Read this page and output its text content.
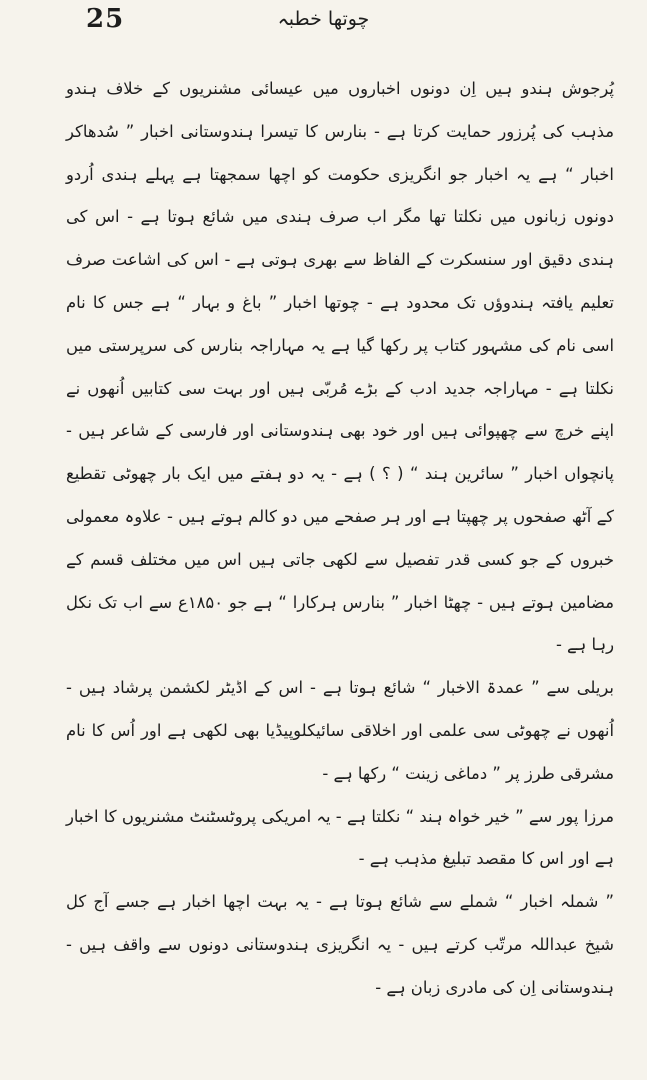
25	چوتھا خطبہ

پُرجوش ہندو ہیں اِن دونوں اخباروں میں عیسائی مشنریوں کے خلاف ہندو مذہب کی پُرزور حمایت کرتا ہے - بنارس کا تیسرا ہندوستانی اخبار ” سُدھاکر اخبار “ ہے یہ اخبار جو انگریزی حکومت کو اچھا سمجھتا ہے پہلے ہندی اُردو دونوں زبانوں میں نکلتا تھا مگر اب صرف ہندی میں شائع ہوتا ہے - اس کی ہندی دقیق اور سنسکرت کے الفاظ سے بھری ہوتی ہے - اس کی اشاعت صرف تعلیم یافتہ ہندوؤں تک محدود ہے - چوتھا اخبار ” باغ و بہار “ ہے جس کا نام اسی نام کی مشہور کتاب پر رکھا گیا ہے یہ مہاراجہ بنارس کی سرپرستی میں نکلتا ہے - مہاراجہ جدید ادب کے بڑے مُربّی ہیں اور بہت سی کتابیں اُنھوں نے اپنے خرچ سے چھپوائی ہیں اور خود بھی ہندوستانی اور فارسی کے شاعر ہیں - پانچواں اخبار ” سائرین ہند “ ( ؟ ) ہے - یہ دو ہفتے میں ایک بار چھوٹی تقطیع کے آٹھ صفحوں پر چھپتا ہے اور ہر صفحے میں دو کالم ہوتے ہیں - علاوہ معمولی خبروں کے جو کسی قدر تفصیل سے لکھی جاتی ہیں اس میں مختلف قسم کے مضامین ہوتے ہیں - چھٹا اخبار ” بنارس ہرکارا “ ہے جو ۱۸۵۰ع سے اب تک نکل رہا ہے -

بریلی سے ” عمدۃ الاخبار “ شائع ہوتا ہے - اس کے اڈیٹر لکشمن پرشاد ہیں - اُنھوں نے چھوٹی سی علمی اور اخلاقی سائیکلوپیڈیا بھی لکھی ہے اور اُس کا نام مشرقی طرز پر ” دماغی زینت “ رکھا ہے -

مرزا پور سے ” خیر خواہ ہند “ نکلتا ہے - یہ امریکی پروٹسٹنٹ مشنریوں کا اخبار ہے اور اس کا مقصد تبلیغ مذہب ہے -

” شملہ اخبار “ شملے سے شائع ہوتا ہے - یہ بہت اچھا اخبار ہے جسے آج کل شیخ عبداللہ مرتّب کرتے ہیں - یہ انگریزی ہندوستانی دونوں سے واقف ہیں - ہندوستانی اِن کی مادری زبان ہے -
